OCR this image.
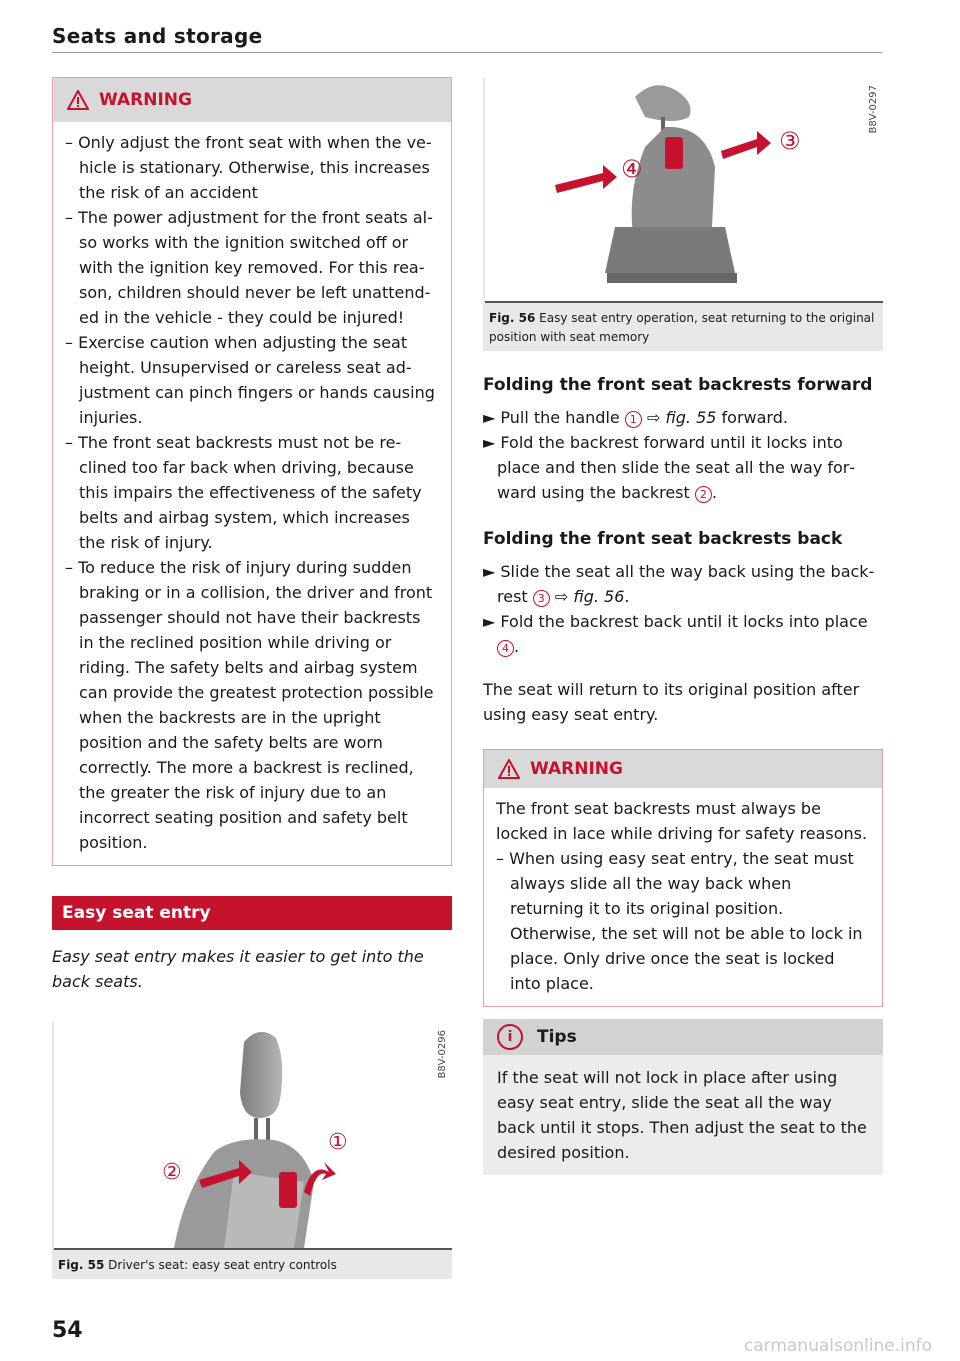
Seats and storage
WARNING
– Only adjust the front seat with when the vehicle is stationary. Otherwise, this increases the risk of an accident
– The power adjustment for the front seats also works with the ignition switched off or with the ignition key removed. For this reason, children should never be left unattended in the vehicle - they could be injured!
– Exercise caution when adjusting the seat height. Unsupervised or careless seat adjustment can pinch fingers or hands causing injuries.
– The front seat backrests must not be reclined too far back when driving, because this impairs the effectiveness of the safety belts and airbag system, which increases the risk of injury.
– To reduce the risk of injury during sudden braking or in a collision, the driver and front passenger should not have their backrests in the reclined position while driving or riding. The safety belts and airbag system can provide the greatest protection possible when the backrests are in the upright position and the safety belts are worn correctly. The more a backrest is reclined, the greater the risk of injury due to an incorrect seating position and safety belt position.
Easy seat entry
Easy seat entry makes it easier to get into the back seats.
①
②
B8V-0296
Fig. 55 Driver's seat: easy seat entry controls
③
④
B8V-0297
Fig. 56 Easy seat entry operation, seat returning to the original position with seat memory
Folding the front seat backrests forward

► Pull the handle 1 ⇨ fig. 55 forward.

► Fold the backrest forward until it locks into place and then slide the seat all the way forward using the backrest 2 .

Folding the front seat backrests back

► Slide the seat all the way back using the backrest 3 ⇨ fig. 56.

► Fold the backrest back until it locks into place 4 .

The seat will return to its original position after using easy seat entry.

WARNING
The front seat backrests must always be locked in lace while driving for safety reasons.
– When using easy seat entry, the seat must always slide all the way back when returning it to its original position. Otherwise, the set will not be able to lock in place. Only drive once the seat is locked into place.
i	Tips
If the seat will not lock in place after using easy seat entry, slide the seat all the way back until it stops. Then adjust the seat to the desired position.
54
carmanualsonline.info
